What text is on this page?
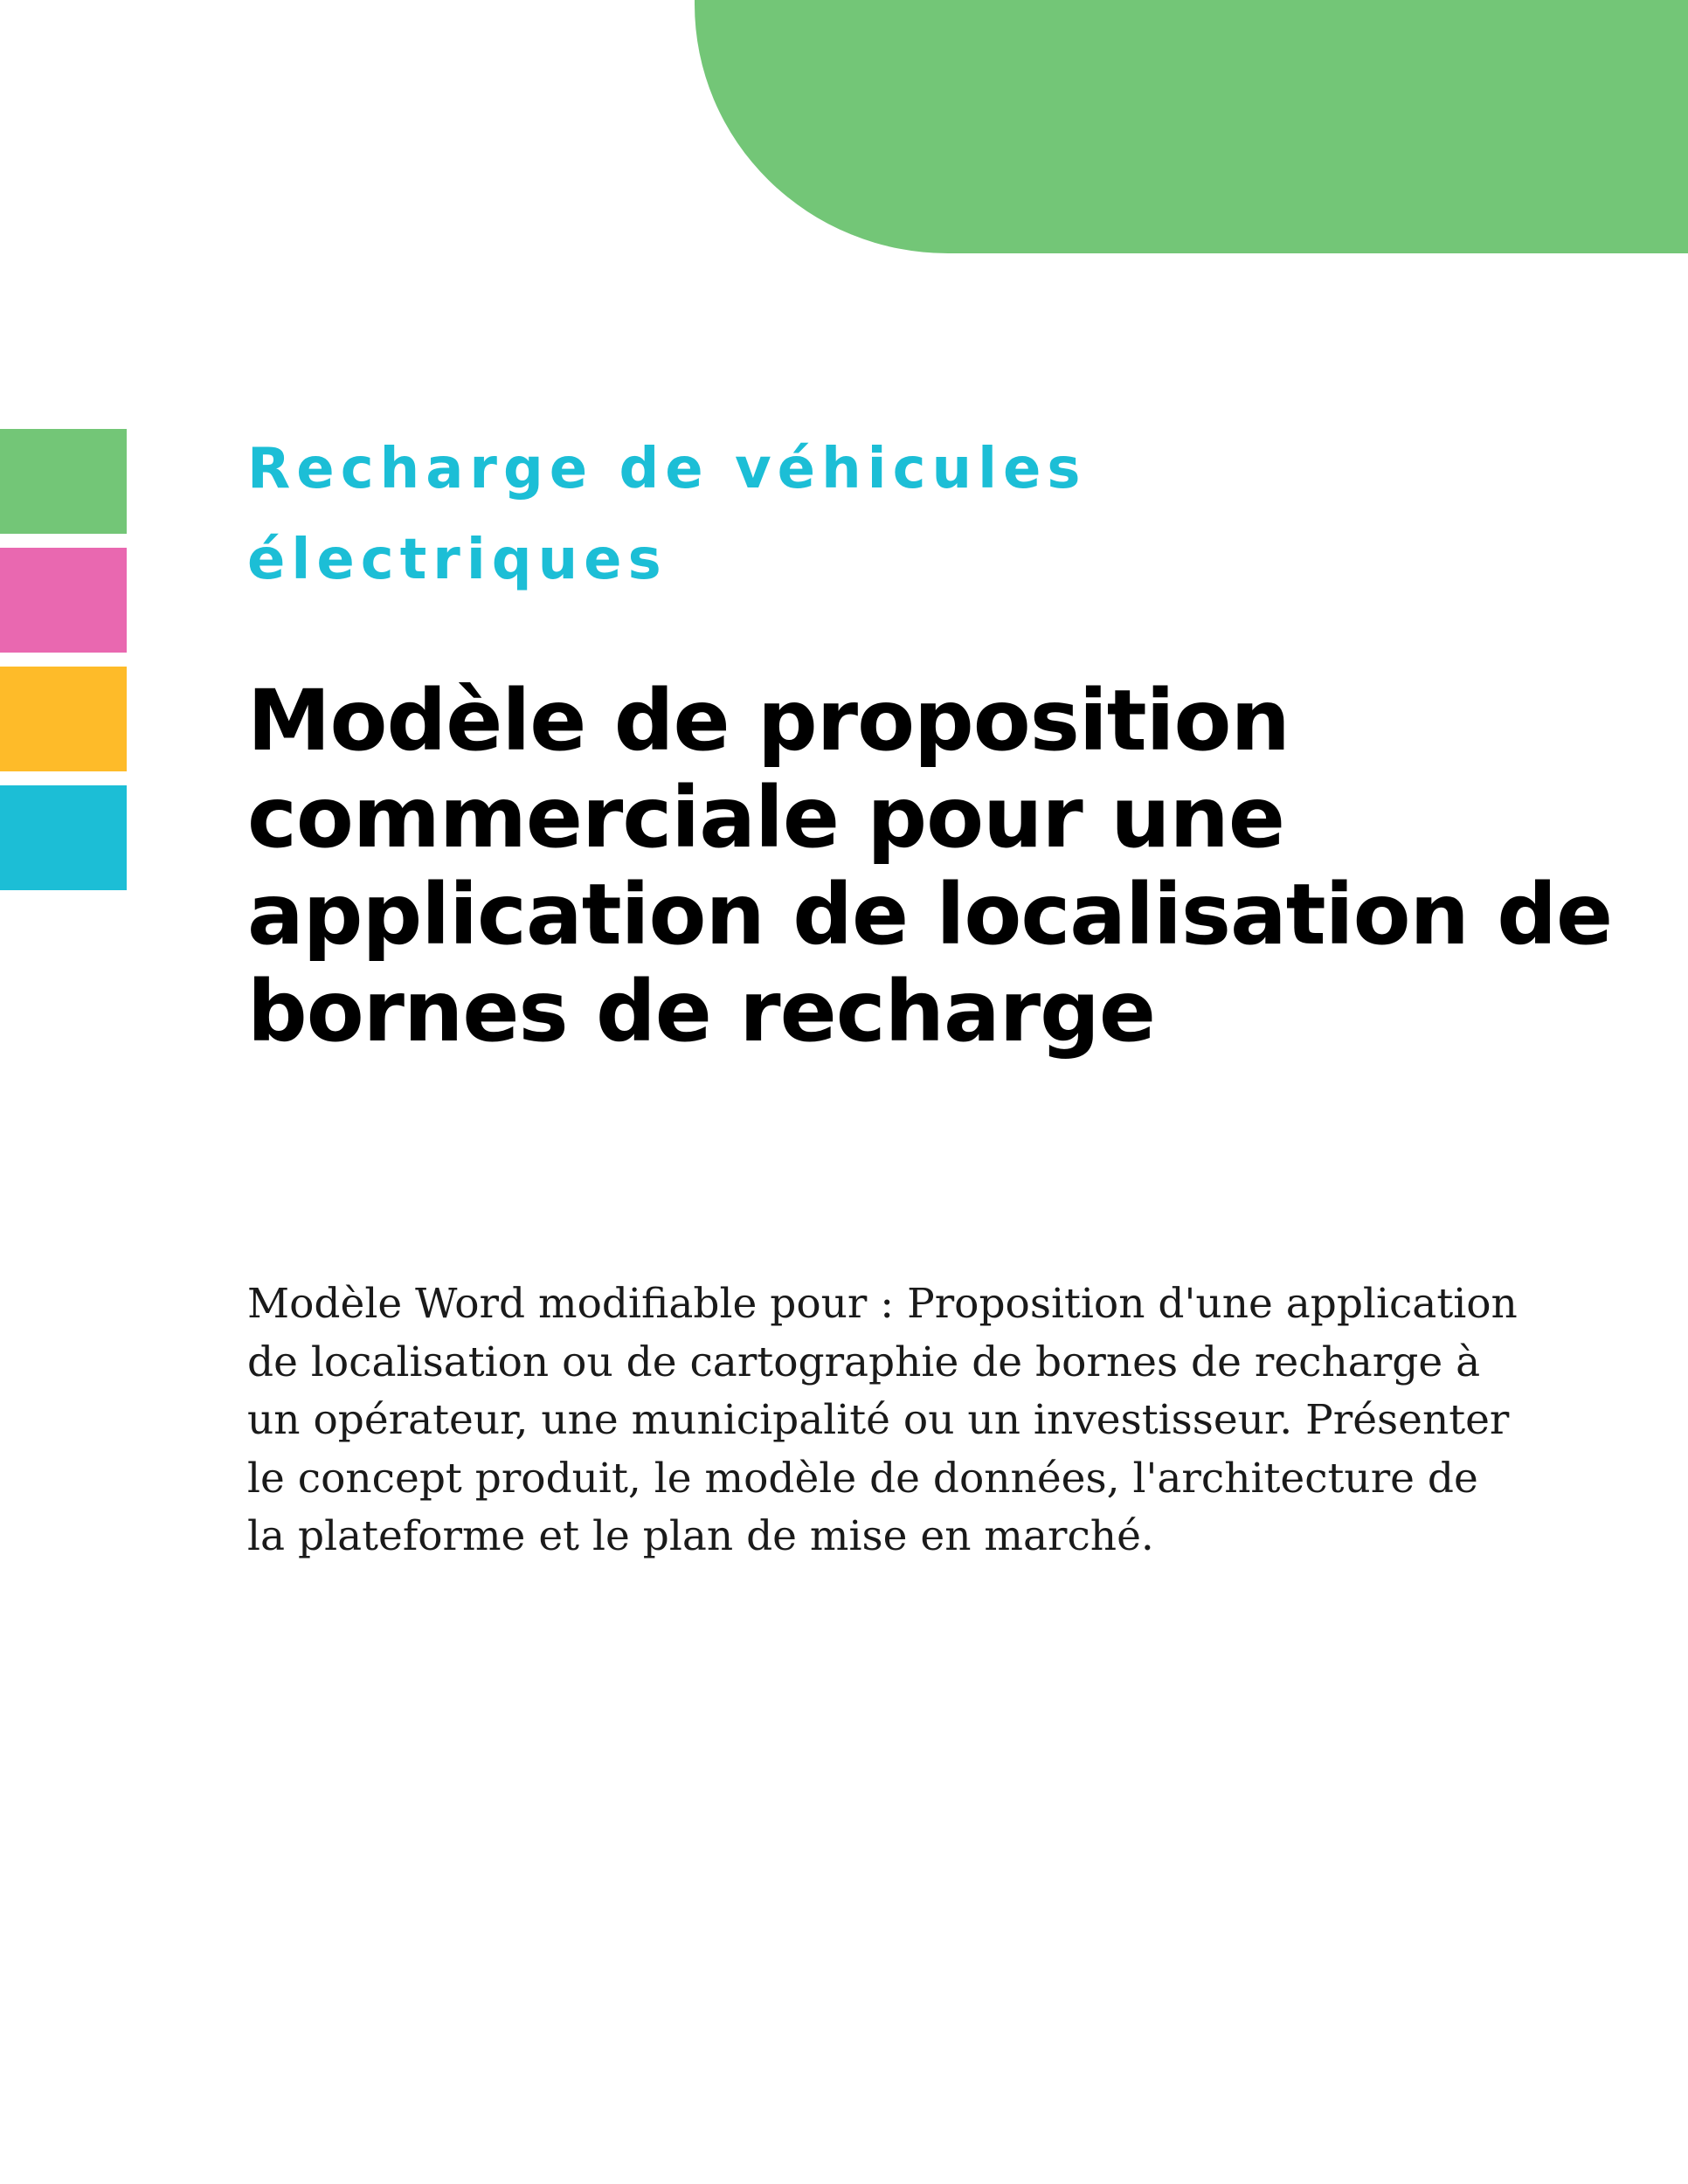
Recharge de véhicules électriques

Modèle de proposition commerciale pour une application de localisation de bornes de recharge

Modèle Word modifiable pour : Proposition d'une application de localisation ou de cartographie de bornes de recharge à un opérateur, une municipalité ou un investisseur. Présenter le concept produit, le modèle de données, l'architecture de la plateforme et le plan de mise en marché.
